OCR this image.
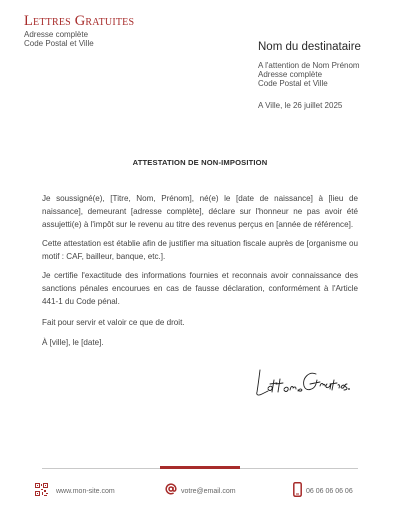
Lettres Gratuites
Adresse complète
Code Postal et Ville	Nom du destinataire
A l'attention de Nom Prénom
Adresse complète
Code Postal et Ville
A Ville, le 26 juillet 2025
ATTESTATION DE NON-IMPOSITION

Je soussigné(e), [Titre, Nom, Prénom], né(e) le [date de naissance] à [lieu de naissance], demeurant [adresse complète], déclare sur l'honneur ne pas avoir été assujetti(e) à l'impôt sur le revenu au titre des revenus perçus en [année de référence].

Cette attestation est établie afin de justifier ma situation fiscale auprès de [organisme ou motif : CAF, bailleur, banque, etc.].

Je certifie l'exactitude des informations fournies et reconnais avoir connaissance des sanctions pénales encourues en cas de fausse déclaration, conformément à l'Article 441-1 du Code pénal.

Fait pour servir et valoir ce que de droit.

À [ville], le [date].

www.mon-site.com	votre@email.com	06 06 06 06 06
